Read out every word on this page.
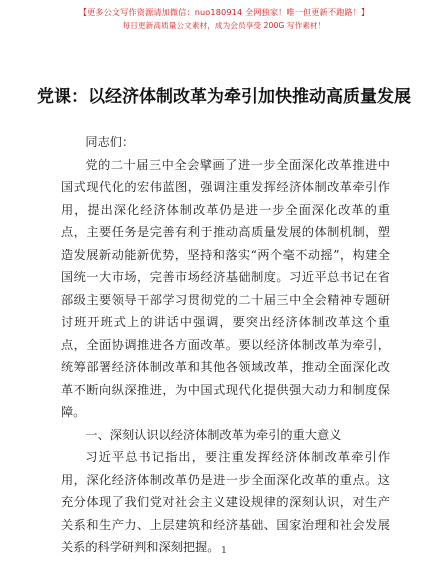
【更多公文写作资源请加微信：nuo180914 全网独家！唯一但更新不跑路！】
每日更新高质量公文素材，成为会员享受 200G 写作素材！
党课：以经济体制改革为牵引加快推动高质量发展

同志们：

党的二十届三中全会擘画了进一步全面深化改革推进中国式现代化的宏伟蓝图，强调注重发挥经济体制改革牵引作用，提出深化经济体制改革仍是进一步全面深化改革的重点，主要任务是完善有利于推动高质量发展的体制机制，塑造发展新动能新优势，坚持和落实“两个毫不动摇”，构建全国统一大市场，完善市场经济基础制度。习近平总书记在省部级主要领导干部学习贯彻党的二十届三中全会精神专题研讨班开班式上的讲话中强调，要突出经济体制改革这个重点，全面协调推进各方面改革。要以经济体制改革为牵引，统筹部署经济体制改革和其他各领域改革，推动全面深化改革不断向纵深推进，为中国式现代化提供强大动力和制度保障。

一、深刻认识以经济体制改革为牵引的重大意义

习近平总书记指出，要注重发挥经济体制改革牵引作用，深化经济体制改革仍是进一步全面深化改革的重点。这充分体现了我们党对社会主义建设规律的深刻认识，对生产关系和生产力、上层建筑和经济基础、国家治理和社会发展关系的科学研判和深刻把握。 1
